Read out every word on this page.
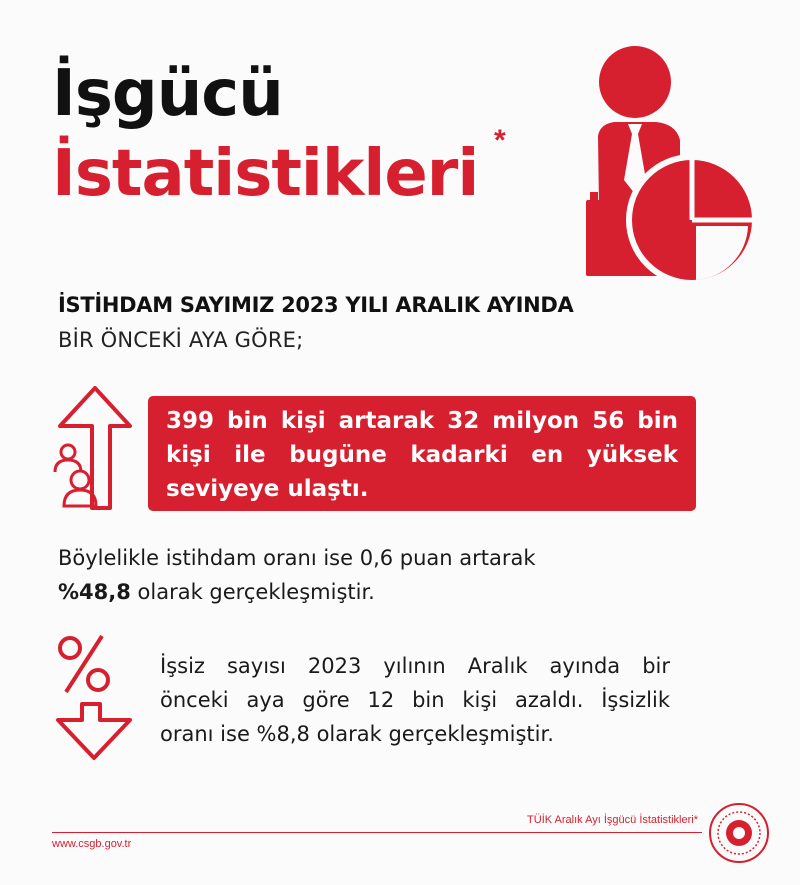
İşgücü
İstatistikleri *
İSTİHDAM SAYIMIZ 2023 YILI ARALIK AYINDA
BİR ÖNCEKİ AYA GÖRE;
399 bin kişi artarak 32 milyon 56 bin
kişi ile bugüne kadarki en yüksek
seviyeye ulaştı.
Böylelikle istihdam oranı ise 0,6 puan artarak
%48,8 olarak gerçekleşmiştir.
İşsiz sayısı 2023 yılının Aralık ayında bir
önceki aya göre 12 bin kişi azaldı. İşsizlik
oranı ise %8,8 olarak gerçekleşmiştir.
TÜİK Aralık Ayı İşgücü İstatistikleri*
www.csgb.gov.tr
